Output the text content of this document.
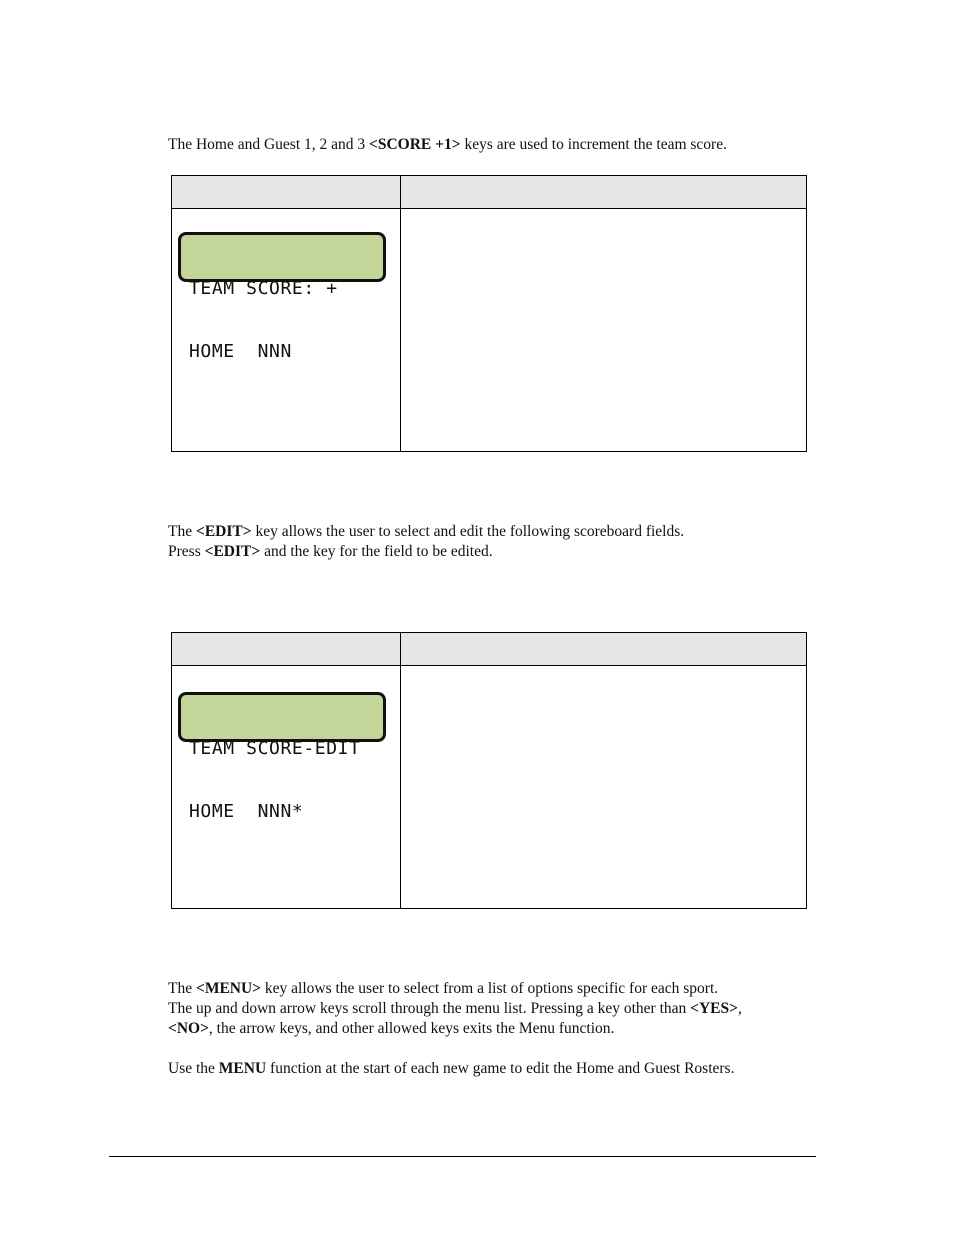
The Home and Guest 1, 2 and 3 <SCORE +1> keys are used to increment the team score.

TEAM SCORE: +

HOME  NNN

The <EDIT> key allows the user to select and edit the following scoreboard fields.
Press <EDIT> and the key for the field to be edited.

TEAM SCORE-EDIT

HOME  NNN*

The <MENU> key allows the user to select from a list of options specific for each sport.
The up and down arrow keys scroll through the menu list. Pressing a key other than <YES>,
<NO>, the arrow keys, and other allowed keys exits the Menu function.
Use the MENU function at the start of each new game to edit the Home and Guest Rosters.
